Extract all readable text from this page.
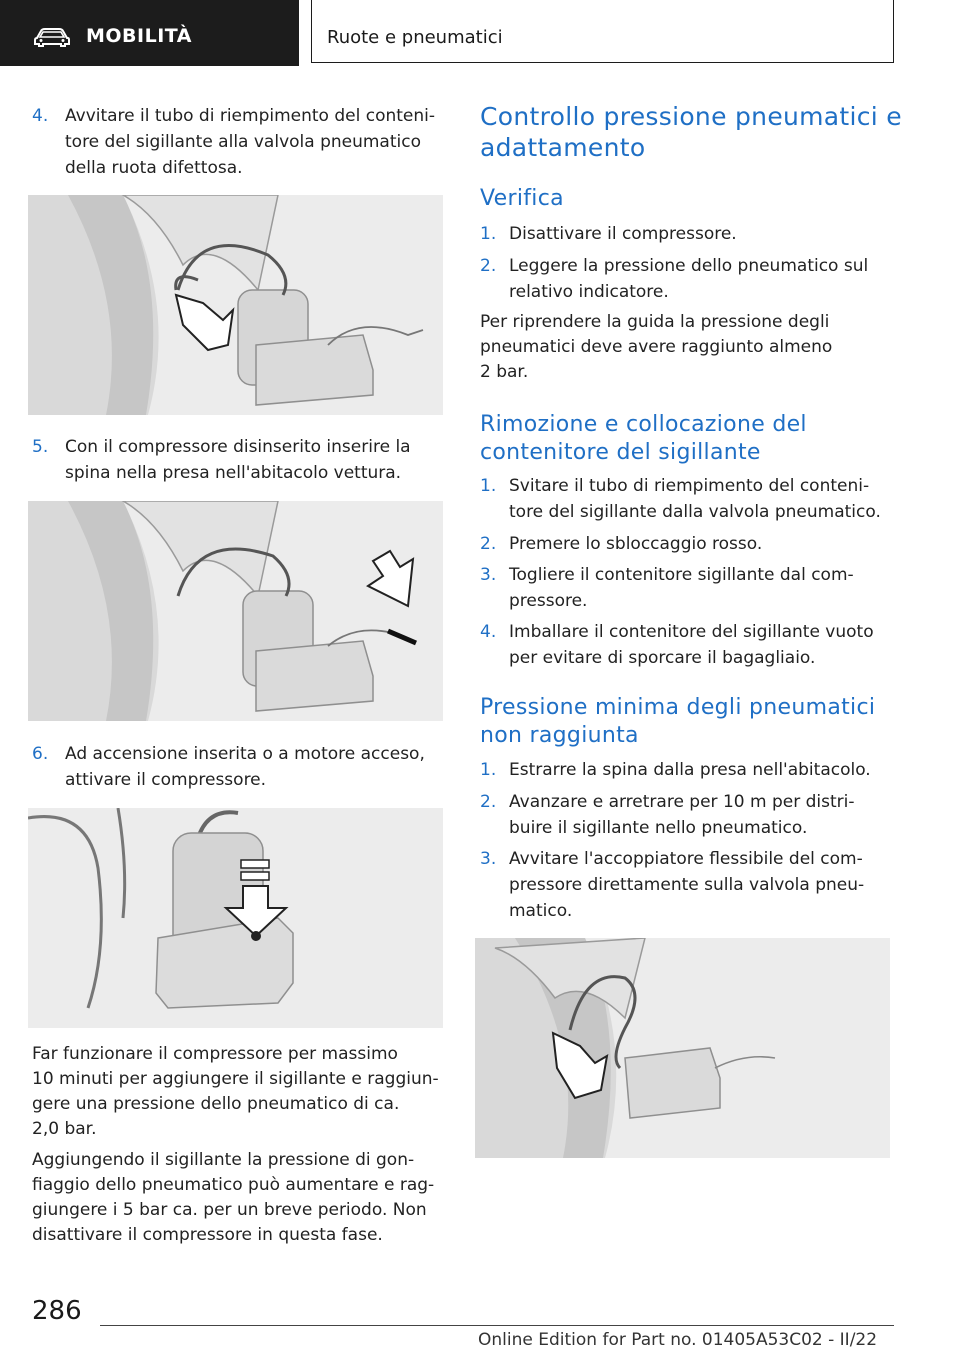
MOBILITÀ	Ruote e pneumatici
4. Avvitare il tubo di riempimento del conteni‐
tore del sigillante alla valvola pneumatico
della ruota difettosa.
5. Con il compressore disinserito inserire la
spina nella presa nell'abitacolo vettura.
6. Ad accensione inserita o a motore acceso,
attivare il compressore.
Far funzionare il compressore per massimo
10 minuti per aggiungere il sigillante e raggiun‐
gere una pressione dello pneumatico di ca.
2,0 bar.
Aggiungendo il sigillante la pressione di gon‐
fiaggio dello pneumatico può aumentare e rag‐
giungere i 5 bar ca. per un breve periodo. Non
disattivare il compressore in questa fase.
Controllo pressione pneumatici e
adattamento
Verifica
1. Disattivare il compressore.
2. Leggere la pressione dello pneumatico sul
relativo indicatore.
Per riprendere la guida la pressione degli
pneumatici deve avere raggiunto almeno
2 bar.
Rimozione e collocazione del
contenitore del sigillante
1. Svitare il tubo di riempimento del conteni‐
tore del sigillante dalla valvola pneumatico.
2. Premere lo sbloccaggio rosso.
3. Togliere il contenitore sigillante dal com‐
pressore.
4. Imballare il contenitore del sigillante vuoto
per evitare di sporcare il bagagliaio.
Pressione minima degli pneumatici
non raggiunta
1. Estrarre la spina dalla presa nell'abitacolo.
2. Avanzare e arretrare per 10 m per distri‐
buire il sigillante nello pneumatico.
3. Avvitare l'accoppiatore flessibile del com‐
pressore direttamente sulla valvola pneu‐
matico.
286
Online Edition for Part no. 01405A53C02 - II/22
